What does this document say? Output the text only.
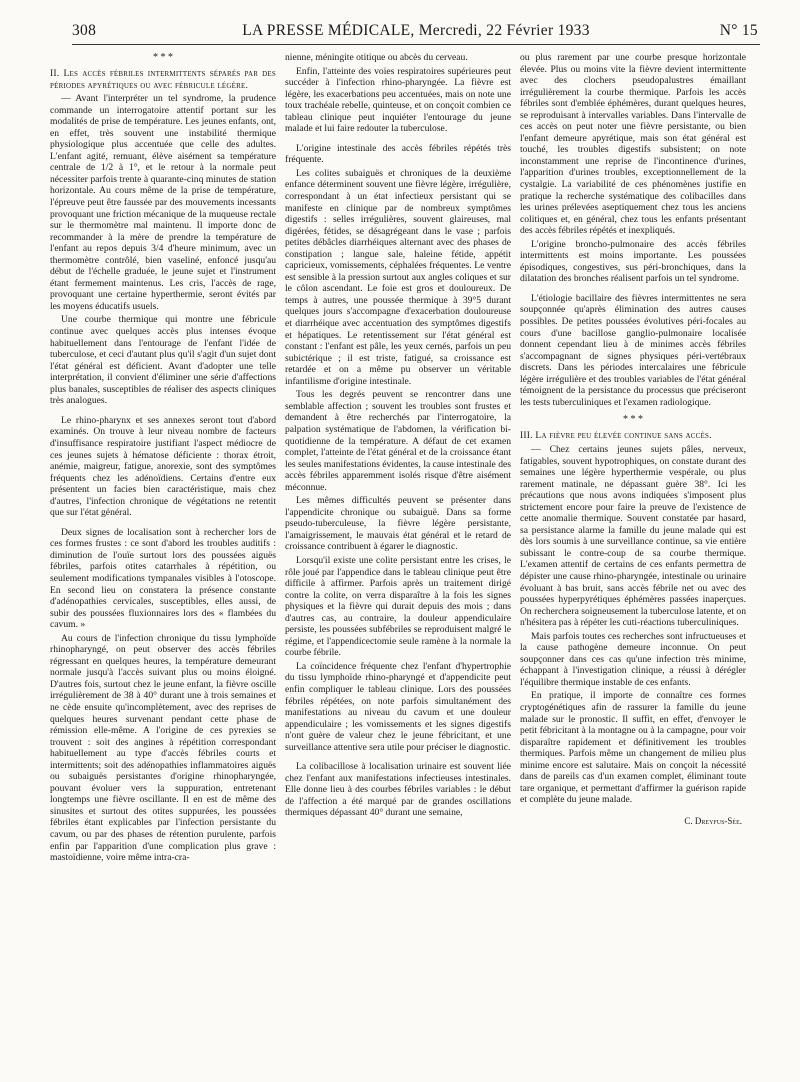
308	LA PRESSE MÉDICALE, Mercredi, 22 Février 1933	N° 15
* * *

II. Les accès fébriles intermittents séparés par des périodes apyrétiques ou avec fébricule légère.

— Avant l'interpréter un tel syndrome, la prudence commande un interrogatoire attentif portant sur les modalités de prise de température. Les jeunes enfants, ont, en effet, très souvent une instabilité thermique physiologique plus accentuée que celle des adultes. L'enfant agité, remuant, élève aisément sa température centrale de 1/2 à 1°, et le retour à la normale peut nécessiter parfois trente à quarante-cinq minutes de station horizontale. Au cours même de la prise de température, l'épreuve peut être faussée par des mouvements incessants provoquant une friction mécanique de la muqueuse rectale sur le thermomètre mal maintenu. Il importe donc de recommander à la mère de prendre la température de l'enfant au repos depuis 3/4 d'heure minimum, avec un thermomètre contrôlé, bien vaseliné, enfoncé jusqu'au début de l'échelle graduée, le jeune sujet et l'instrument étant fermement maintenus. Les cris, l'accès de rage, provoquant une certaine hyperthermie, seront évités par les moyens éducatifs usuels.

Une courbe thermique qui montre une fébricule continue avec quelques accès plus intenses évoque habituellement dans l'entourage de l'enfant l'idée de tuberculose, et ceci d'autant plus qu'il s'agit d'un sujet dont l'état général est déficient. Avant d'adopter une telle interprétation, il convient d'éliminer une série d'affections plus banales, susceptibles de réaliser des aspects cliniques très analogues.

Le rhino-pharynx et ses annexes seront tout d'abord examinés. On trouve à leur niveau nombre de facteurs d'insuffisance respiratoire justifiant l'aspect médiocre de ces jeunes sujets à hématose déficiente : thorax étroit, anémie, maigreur, fatigue, anorexie, sont des symptômes fréquents chez les adénoïdiens. Certains d'entre eux présentent un facies bien caractéristique, mais chez d'autres, l'infection chronique de végétations ne retentit que sur l'état général.

Deux signes de localisation sont à rechercher lors de ces formes frustes : ce sont d'abord les troubles auditifs : diminution de l'ouïe surtout lors des poussées aiguës fébriles, parfois otites catarrhales à répétition, ou seulement modifications tympanales visibles à l'otoscope. En second lieu on constatera la présence constante d'adénopathies cervicales, susceptibles, elles aussi, de subir des poussées fluxionnaires lors des « flambées du cavum. »

Au cours de l'infection chronique du tissu lymphoïde rhinopharyngé, on peut observer des accès fébriles régressant en quelques heures, la température demeurant normale jusqu'à l'accès suivant plus ou moins éloigné. D'autres fois, surtout chez le jeune enfant, la fièvre oscille irrégulièrement de 38 à 40° durant une à trois semaines et ne cède ensuite qu'incomplètement, avec des reprises de quelques heures survenant pendant cette phase de rémission elle-même. A l'origine de ces pyrexies se trouvent : soit des angines à répétition correspondant habituellement au type d'accès fébriles courts et intermittents; soit des adénopathies inflammatoires aiguës ou subaiguës persistantes d'origine rhinopharyngée, pouvant évoluer vers la suppuration, entretenant longtemps une fièvre oscillante. Il en est de même des sinusites et surtout des otites suppurées, les poussées fébriles étant explicables par l'infection persistante du cavum, ou par des phases de rétention purulente, parfois enfin par l'apparition d'une complication plus grave : mastoïdienne, voire même intra-cra-

nienne, méningite otitique ou abcès du cerveau.

Enfin, l'atteinte des voies respiratoires supérieures peut succéder à l'infection rhino-pharyngée. La fièvre est légère, les exacerbations peu accentuées, mais on note une toux trachéale rebelle, quinteuse, et on conçoit combien ce tableau clinique peut inquiéter l'entourage du jeune malade et lui faire redouter la tuberculose.

L'origine intestinale des accès fébriles répétés très fréquente.

Les colites subaiguës et chroniques de la deuxième enfance déterminent souvent une fièvre légère, irrégulière, correspondant à un état infectieux persistant qui se manifeste en clinique par de nombreux symptômes digestifs : selles irrégulières, souvent glaireuses, mal digérées, fétides, se désagrégeant dans le vase ; parfois petites débâcles diarrhéiques alternant avec des phases de constipation ; langue sale, haleine fétide, appétit capricieux, vomissements, céphalées fréquentes. Le ventre est sensible à la pression surtout aux angles coliques et sur le côlon ascendant. Le foie est gros et douloureux. De temps à autres, une poussée thermique à 39°5 durant quelques jours s'accompagne d'exacerbation douloureuse et diarrhéique avec accentuation des symptômes digestifs et hépatiques. Le retentissement sur l'état général est constant : l'enfant est pâle, les yeux cernés, parfois un peu subictérique ; il est triste, fatigué, sa croissance est retardée et on a même pu observer un véritable infantilisme d'origine intestinale.

Tous les degrés peuvent se rencontrer dans une semblable affection ; souvent les troubles sont frustes et demandent à être recherchés par l'interrogatoire, la palpation systématique de l'abdomen, la vérification bi-quotidienne de la température. A défaut de cet examen complet, l'atteinte de l'état général et de la croissance étant les seules manifestations évidentes, la cause intestinale des accès fébriles apparemment isolés risque d'être aisément méconnue.

Les mêmes difficultés peuvent se présenter dans l'appendicite chronique ou subaiguë. Dans sa forme pseudo-tuberculeuse, la fièvre légère persistante, l'amaigrissement, le mauvais état général et le retard de croissance contribuent à égarer le diagnostic.

Lorsqu'il existe une colite persistant entre les crises, le rôle joué par l'appendice dans le tableau clinique peut être difficile à affirmer. Parfois après un traitement dirigé contre la colite, on verra disparaître à la fois les signes physiques et la fièvre qui durait depuis des mois ; dans d'autres cas, au contraire, la douleur appendiculaire persiste, les poussées subfébriles se reproduisent malgré le régime, et l'appendicectomie seule ramène à la normale la courbe fébrile.

La coïncidence fréquente chez l'enfant d'hypertrophie du tissu lymphoïde rhino-pharyngé et d'appendicite peut enfin compliquer le tableau clinique. Lors des poussées fébriles répétées, on note parfois simultanément des manifestations au niveau du cavum et une douleur appendiculaire ; les vomissements et les signes digestifs n'ont guère de valeur chez le jeune fébricitant, et une surveillance attentive sera utile pour préciser le diagnostic.

La colibacillose à localisation urinaire est souvent liée chez l'enfant aux manifestations infectieuses intestinales. Elle donne lieu à des courbes fébriles variables : le début de l'affection a été marqué par de grandes oscillations thermiques dépassant 40° durant une semaine,

ou plus rarement par une courbe presque horizontale élevée. Plus ou moins vite la fièvre devient intermittente avec des clochers pseudopalustres émaillant irrégulièrement la courbe thermique. Parfois les accès fébriles sont d'emblée éphémères, durant quelques heures, se reproduisant à intervalles variables. Dans l'intervalle de ces accès on peut noter une fièvre persistante, ou bien l'enfant demeure apyrétique, mais son état général est touché, les troubles digestifs subsistent; on note inconstamment une reprise de l'incontinence d'urines, l'apparition d'urines troubles, exceptionnellement de la cystalgie. La variabilité de ces phénomènes justifie en pratique la recherche systématique des colibacilles dans les urines prélevées aseptiquement chez tous les anciens colitiques et, en général, chez tous les enfants présentant des accès fébriles répétés et inexpliqués.

L'origine broncho-pulmonaire des accès fébriles intermittents est moins importante. Les poussées épisodiques, congestives, sus péri-bronchiques, dans la dilatation des bronches réalisent parfois un tel syndrome.

L'étiologie bacillaire des fièvres intermittentes ne sera soupçonnée qu'après élimination des autres causes possibles. De petites poussées évolutives péri-focales au cours d'une bacillose ganglio-pulmonaire localisée donnent cependant lieu à de minimes accès fébriles s'accompagnant de signes physiques péri-vertébraux discrets. Dans les périodes intercalaires une fébricule légère irrégulière et des troubles variables de l'état général témoignent de la persistance du processus que préciseront les tests tuberculiniques et l'examen radiologique.

* * *

III. La fièvre peu élevée continue sans accès.

— Chez certains jeunes sujets pâles, nerveux, fatigables, souvent hypotrophiques, on constate durant des semaines une légère hyperthermie vespérale, ou plus rarement matinale, ne dépassant guère 38°. Ici les précautions que nous avons indiquées s'imposent plus strictement encore pour faire la preuve de l'existence de cette anomalie thermique. Souvent constatée par hasard, sa persistance alarme la famille du jeune malade qui est dès lors soumis à une surveillance continue, sa vie entière subissant le contre-coup de sa courbe thermique. L'examen attentif de certains de ces enfants permettra de dépister une cause rhino-pharyngée, intestinale ou urinaire évoluant à bas bruit, sans accès fébrile net ou avec des poussées hyperpyrétiques éphémères passées inaperçues. On recherchera soigneusement la tuberculose latente, et on n'hésitera pas à répéter les cuti-réactions tuberculiniques.

Mais parfois toutes ces recherches sont infructueuses et la cause pathogène demeure inconnue. On peut soupçonner dans ces cas qu'une infection très minime, échappant à l'investigation clinique, a réussi à dérégler l'équilibre thermique instable de ces enfants.

En pratique, il importe de connaître ces formes cryptogénétiques afin de rassurer la famille du jeune malade sur le pronostic. Il suffit, en effet, d'envoyer le petit fébricitant à la montagne ou à la campagne, pour voir disparaître rapidement et définitivement les troubles thermiques. Parfois même un changement de milieu plus minime encore est salutaire. Mais on conçoit la nécessité dans de pareils cas d'un examen complet, éliminant toute tare organique, et permettant d'affirmer la guérison rapide et complète du jeune malade.

C. Dreyfus-Sée.
